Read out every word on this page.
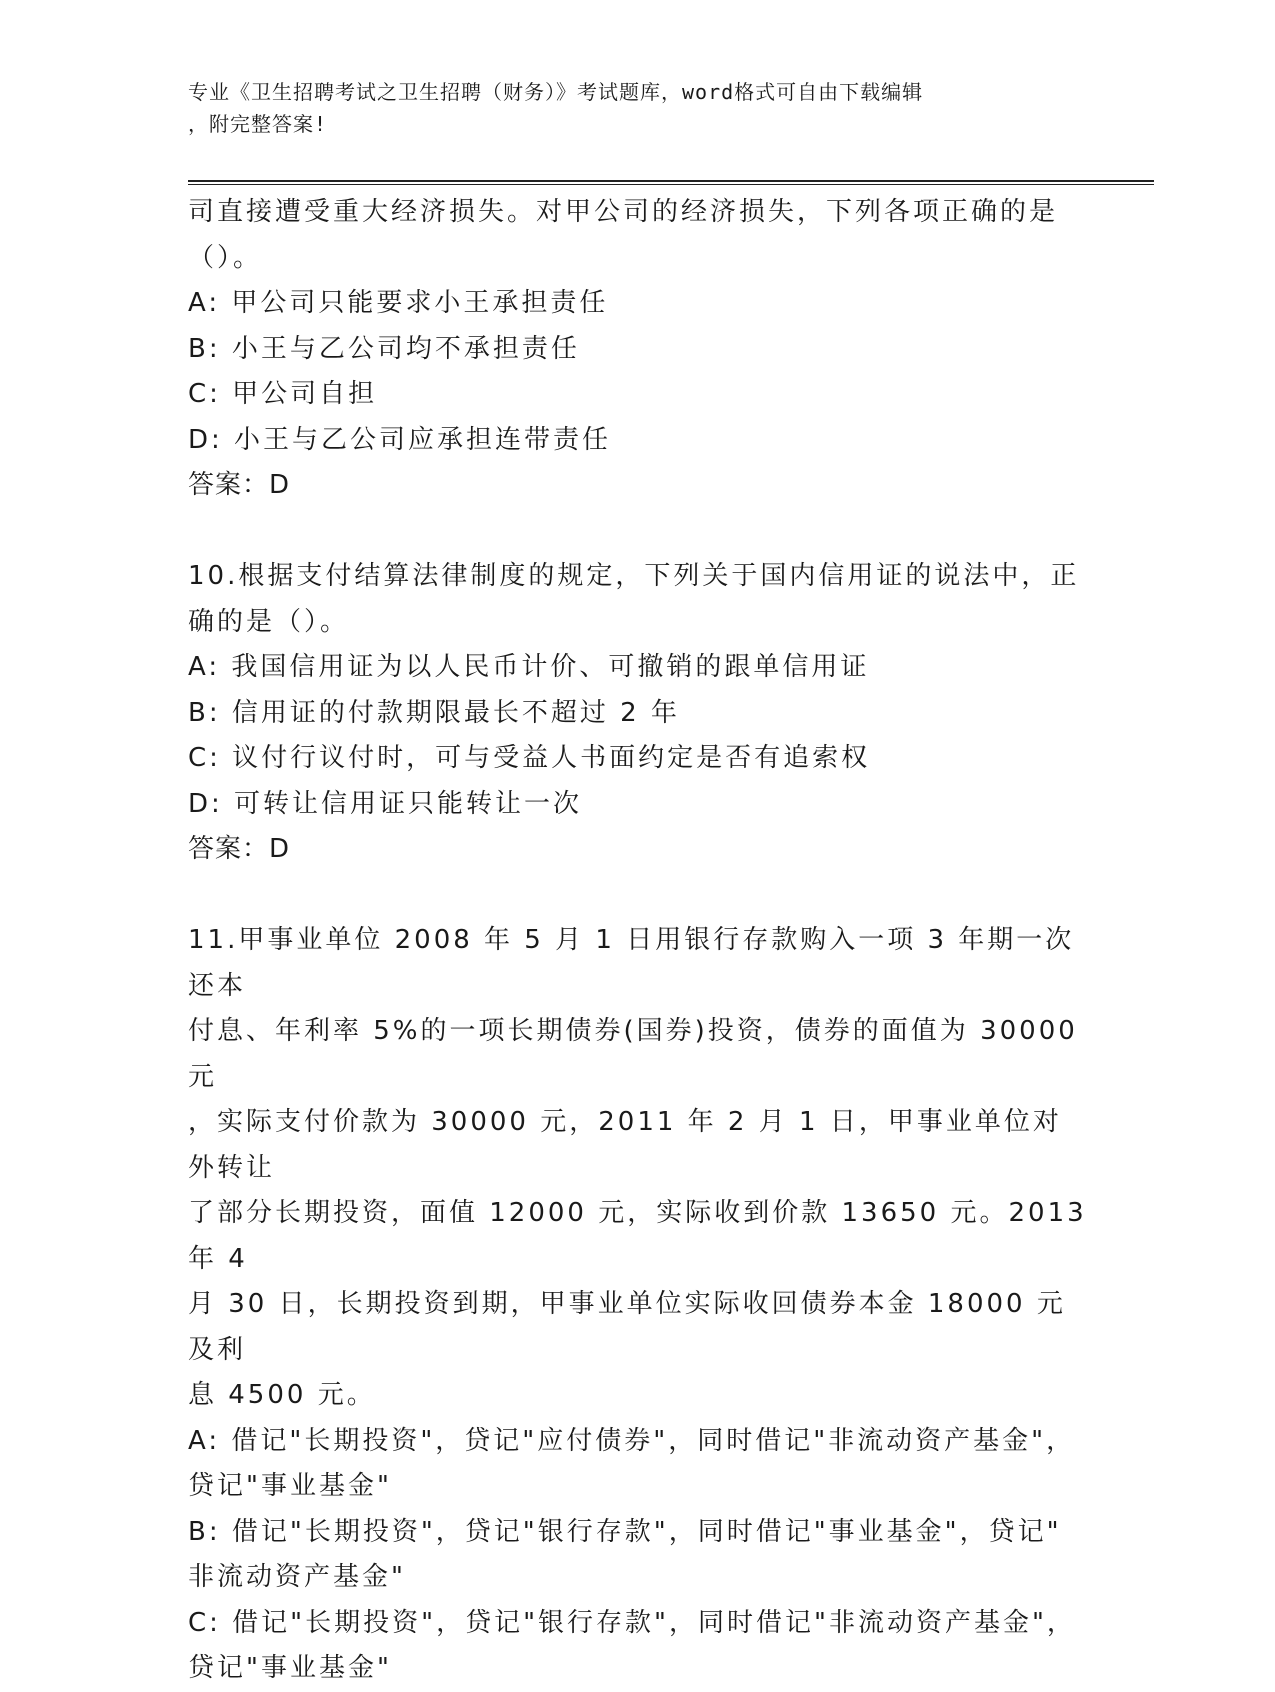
专业《卫生招聘考试之卫生招聘（财务）》考试题库，word格式可自由下载编辑
，附完整答案!

司直接遭受重大经济损失。对甲公司的经济损失，下列各项正确的是

（）。

A: 甲公司只能要求小王承担责任

B: 小王与乙公司均不承担责任

C: 甲公司自担

D: 小王与乙公司应承担连带责任

答案：D

10.根据支付结算法律制度的规定，下列关于国内信用证的说法中，正

确的是（）。

A: 我国信用证为以人民币计价、可撤销的跟单信用证

B: 信用证的付款期限最长不超过 2 年

C: 议付行议付时，可与受益人书面约定是否有追索权

D: 可转让信用证只能转让一次

答案：D

11.甲事业单位 2008 年 5 月 1 日用银行存款购入一项 3 年期一次还本

付息、年利率 5%的一项长期债券(国券)投资，债券的面值为 30000 元

，实际支付价款为 30000 元，2011 年 2 月 1 日，甲事业单位对外转让

了部分长期投资，面值 12000 元，实际收到价款 13650 元。2013 年 4

月 30 日，长期投资到期，甲事业单位实际收回债券本金 18000 元及利

息 4500 元。

A: 借记"长期投资"，贷记"应付债券"，同时借记"非流动资产基金"，

贷记"事业基金"

B: 借记"长期投资"，贷记"银行存款"，同时借记"事业基金"，贷记"

非流动资产基金"

C: 借记"长期投资"，贷记"银行存款"，同时借记"非流动资产基金"，

贷记"事业基金"
